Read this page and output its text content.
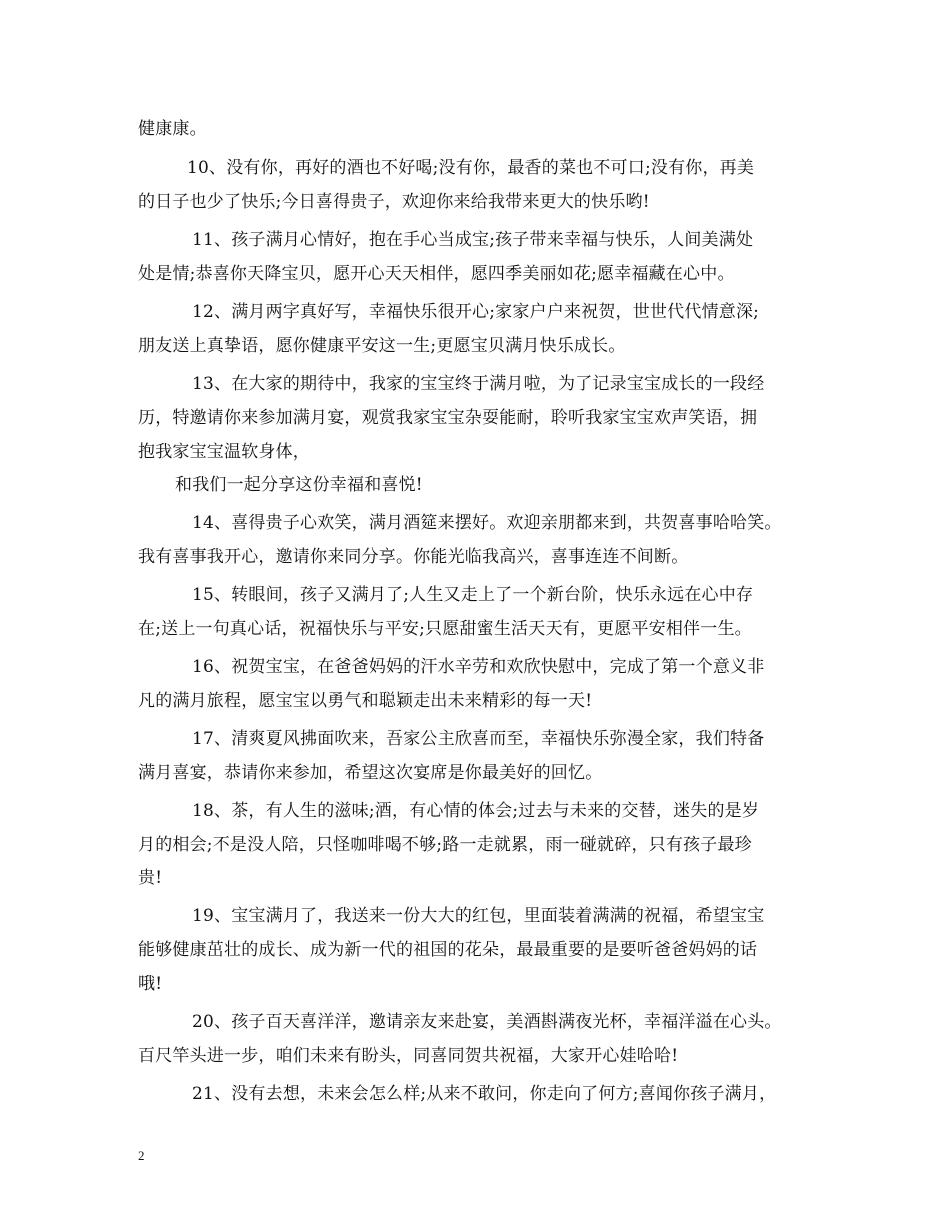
健康康。
10、没有你，再好的酒也不好喝;没有你，最香的菜也不可口;没有你，再美
的日子也少了快乐;今日喜得贵子，欢迎你来给我带来更大的快乐哟!
11、孩子满月心情好，抱在手心当成宝;孩子带来幸福与快乐，人间美满处
处是情;恭喜你天降宝贝，愿开心天天相伴，愿四季美丽如花;愿幸福藏在心中。
12、满月两字真好写，幸福快乐很开心;家家户户来祝贺，世世代代情意深;
朋友送上真挚语，愿你健康平安这一生;更愿宝贝满月快乐成长。
13、在大家的期待中，我家的宝宝终于满月啦，为了记录宝宝成长的一段经
历，特邀请你来参加满月宴，观赏我家宝宝杂耍能耐，聆听我家宝宝欢声笑语，拥
抱我家宝宝温软身体，
和我们一起分享这份幸福和喜悦!
14、喜得贵子心欢笑，满月酒筵来摆好。欢迎亲朋都来到，共贺喜事哈哈笑。
我有喜事我开心，邀请你来同分享。你能光临我高兴，喜事连连不间断。
15、转眼间，孩子又满月了;人生又走上了一个新台阶，快乐永远在心中存
在;送上一句真心话，祝福快乐与平安;只愿甜蜜生活天天有，更愿平安相伴一生。
16、祝贺宝宝，在爸爸妈妈的汗水辛劳和欢欣快慰中，完成了第一个意义非
凡的满月旅程，愿宝宝以勇气和聪颖走出未来精彩的每一天!
17、清爽夏风拂面吹来，吾家公主欣喜而至，幸福快乐弥漫全家，我们特备
满月喜宴，恭请你来参加，希望这次宴席是你最美好的回忆。
18、茶，有人生的滋味;酒，有心情的体会;过去与未来的交替，迷失的是岁
月的相会;不是没人陪，只怪咖啡喝不够;路一走就累，雨一碰就碎，只有孩子最珍
贵!
19、宝宝满月了，我送来一份大大的红包，里面装着满满的祝福，希望宝宝
能够健康茁壮的成长、成为新一代的祖国的花朵，最最重要的是要听爸爸妈妈的话
哦!
20、孩子百天喜洋洋，邀请亲友来赴宴，美酒斟满夜光杯，幸福洋溢在心头。
百尺竿头进一步，咱们未来有盼头，同喜同贺共祝福，大家开心娃哈哈!
21、没有去想，未来会怎么样;从来不敢问，你走向了何方;喜闻你孩子满月，
2
